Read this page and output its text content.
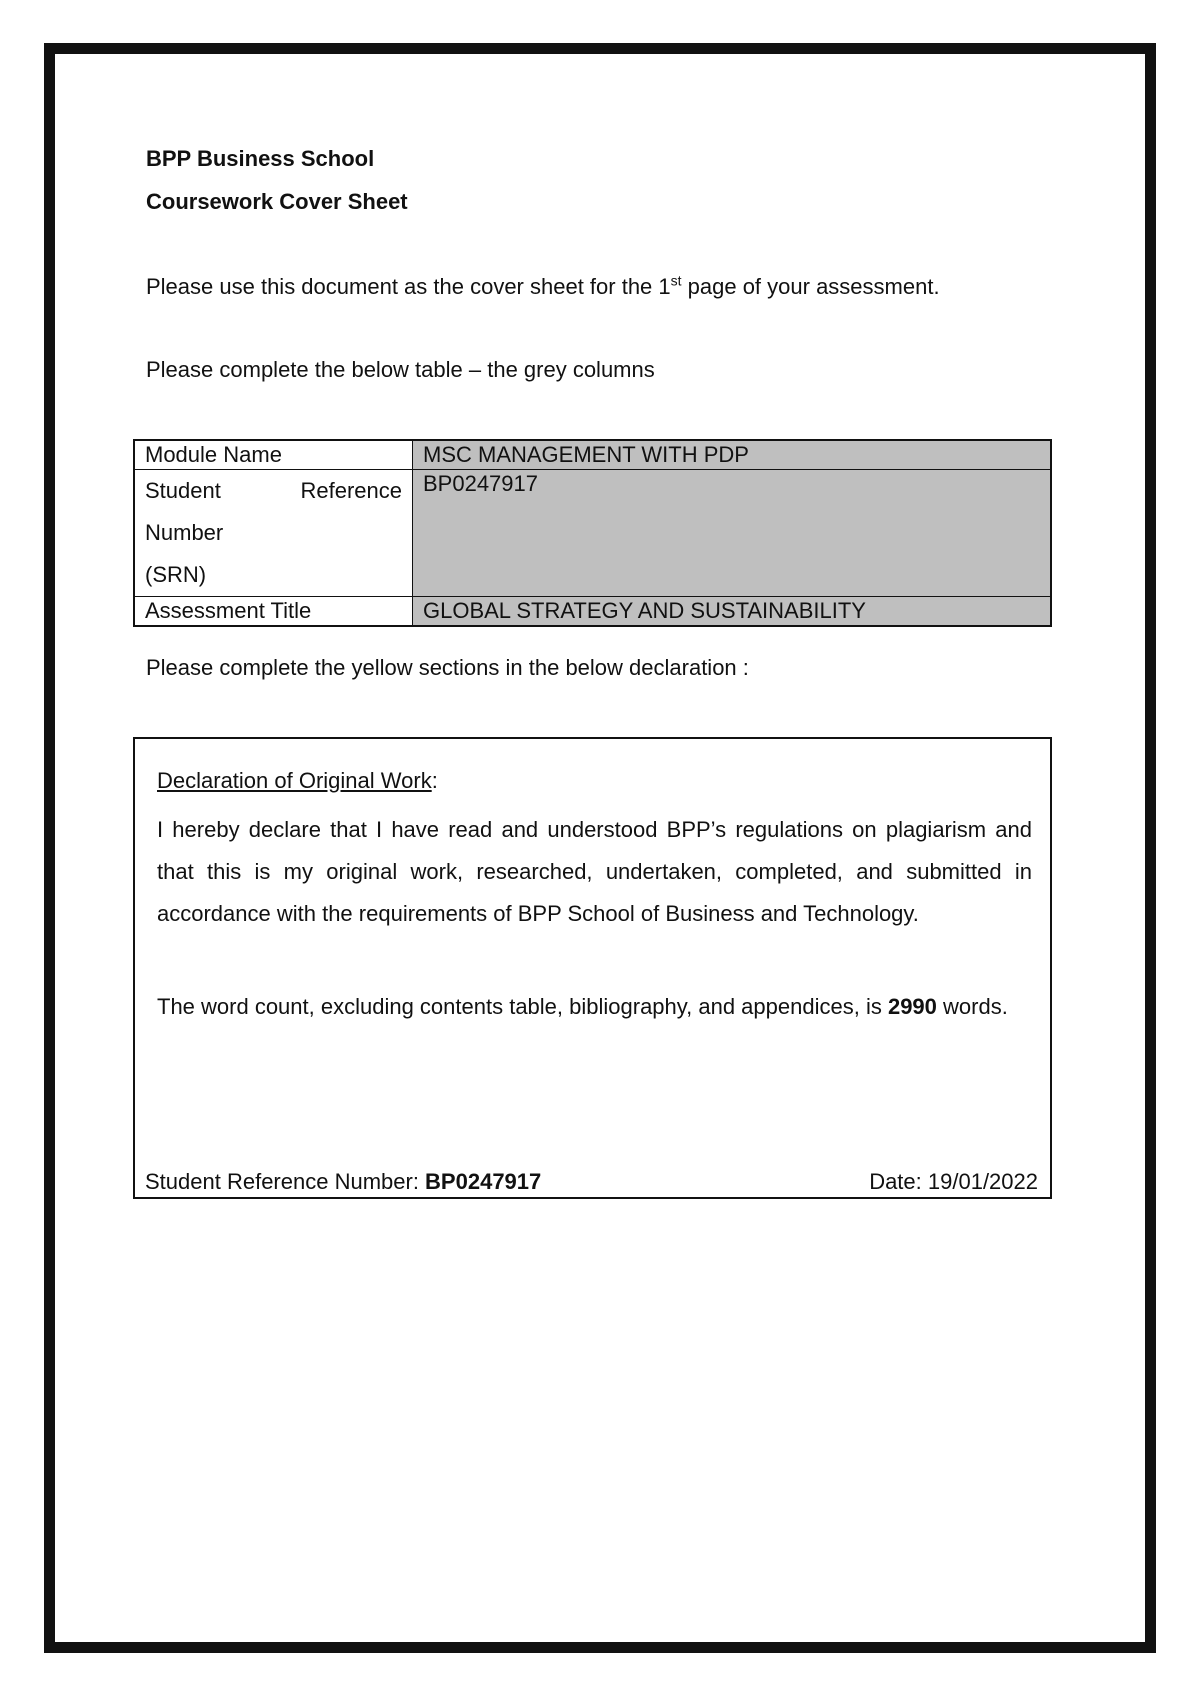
BPP Business School
Coursework Cover Sheet
Please use this document as the cover sheet for the 1st page of your assessment.
Please complete the below table – the grey columns
Module Name	MSC MANAGEMENT WITH PDP

Student Reference
Number
(SRN)	BP0247917
Assessment Title	GLOBAL STRATEGY AND SUSTAINABILITY
Please complete the yellow sections in the below declaration :
Declaration of Original Work:

I hereby declare that I have read and understood BPP’s regulations on plagiarism and that this is my original work, researched, undertaken, completed, and submitted in accordance with the requirements of BPP School of Business and Technology.

The word count, excluding contents table, bibliography, and appendices, is 2990 words.

Student Reference Number: BP0247917	Date: 19/01/2022
